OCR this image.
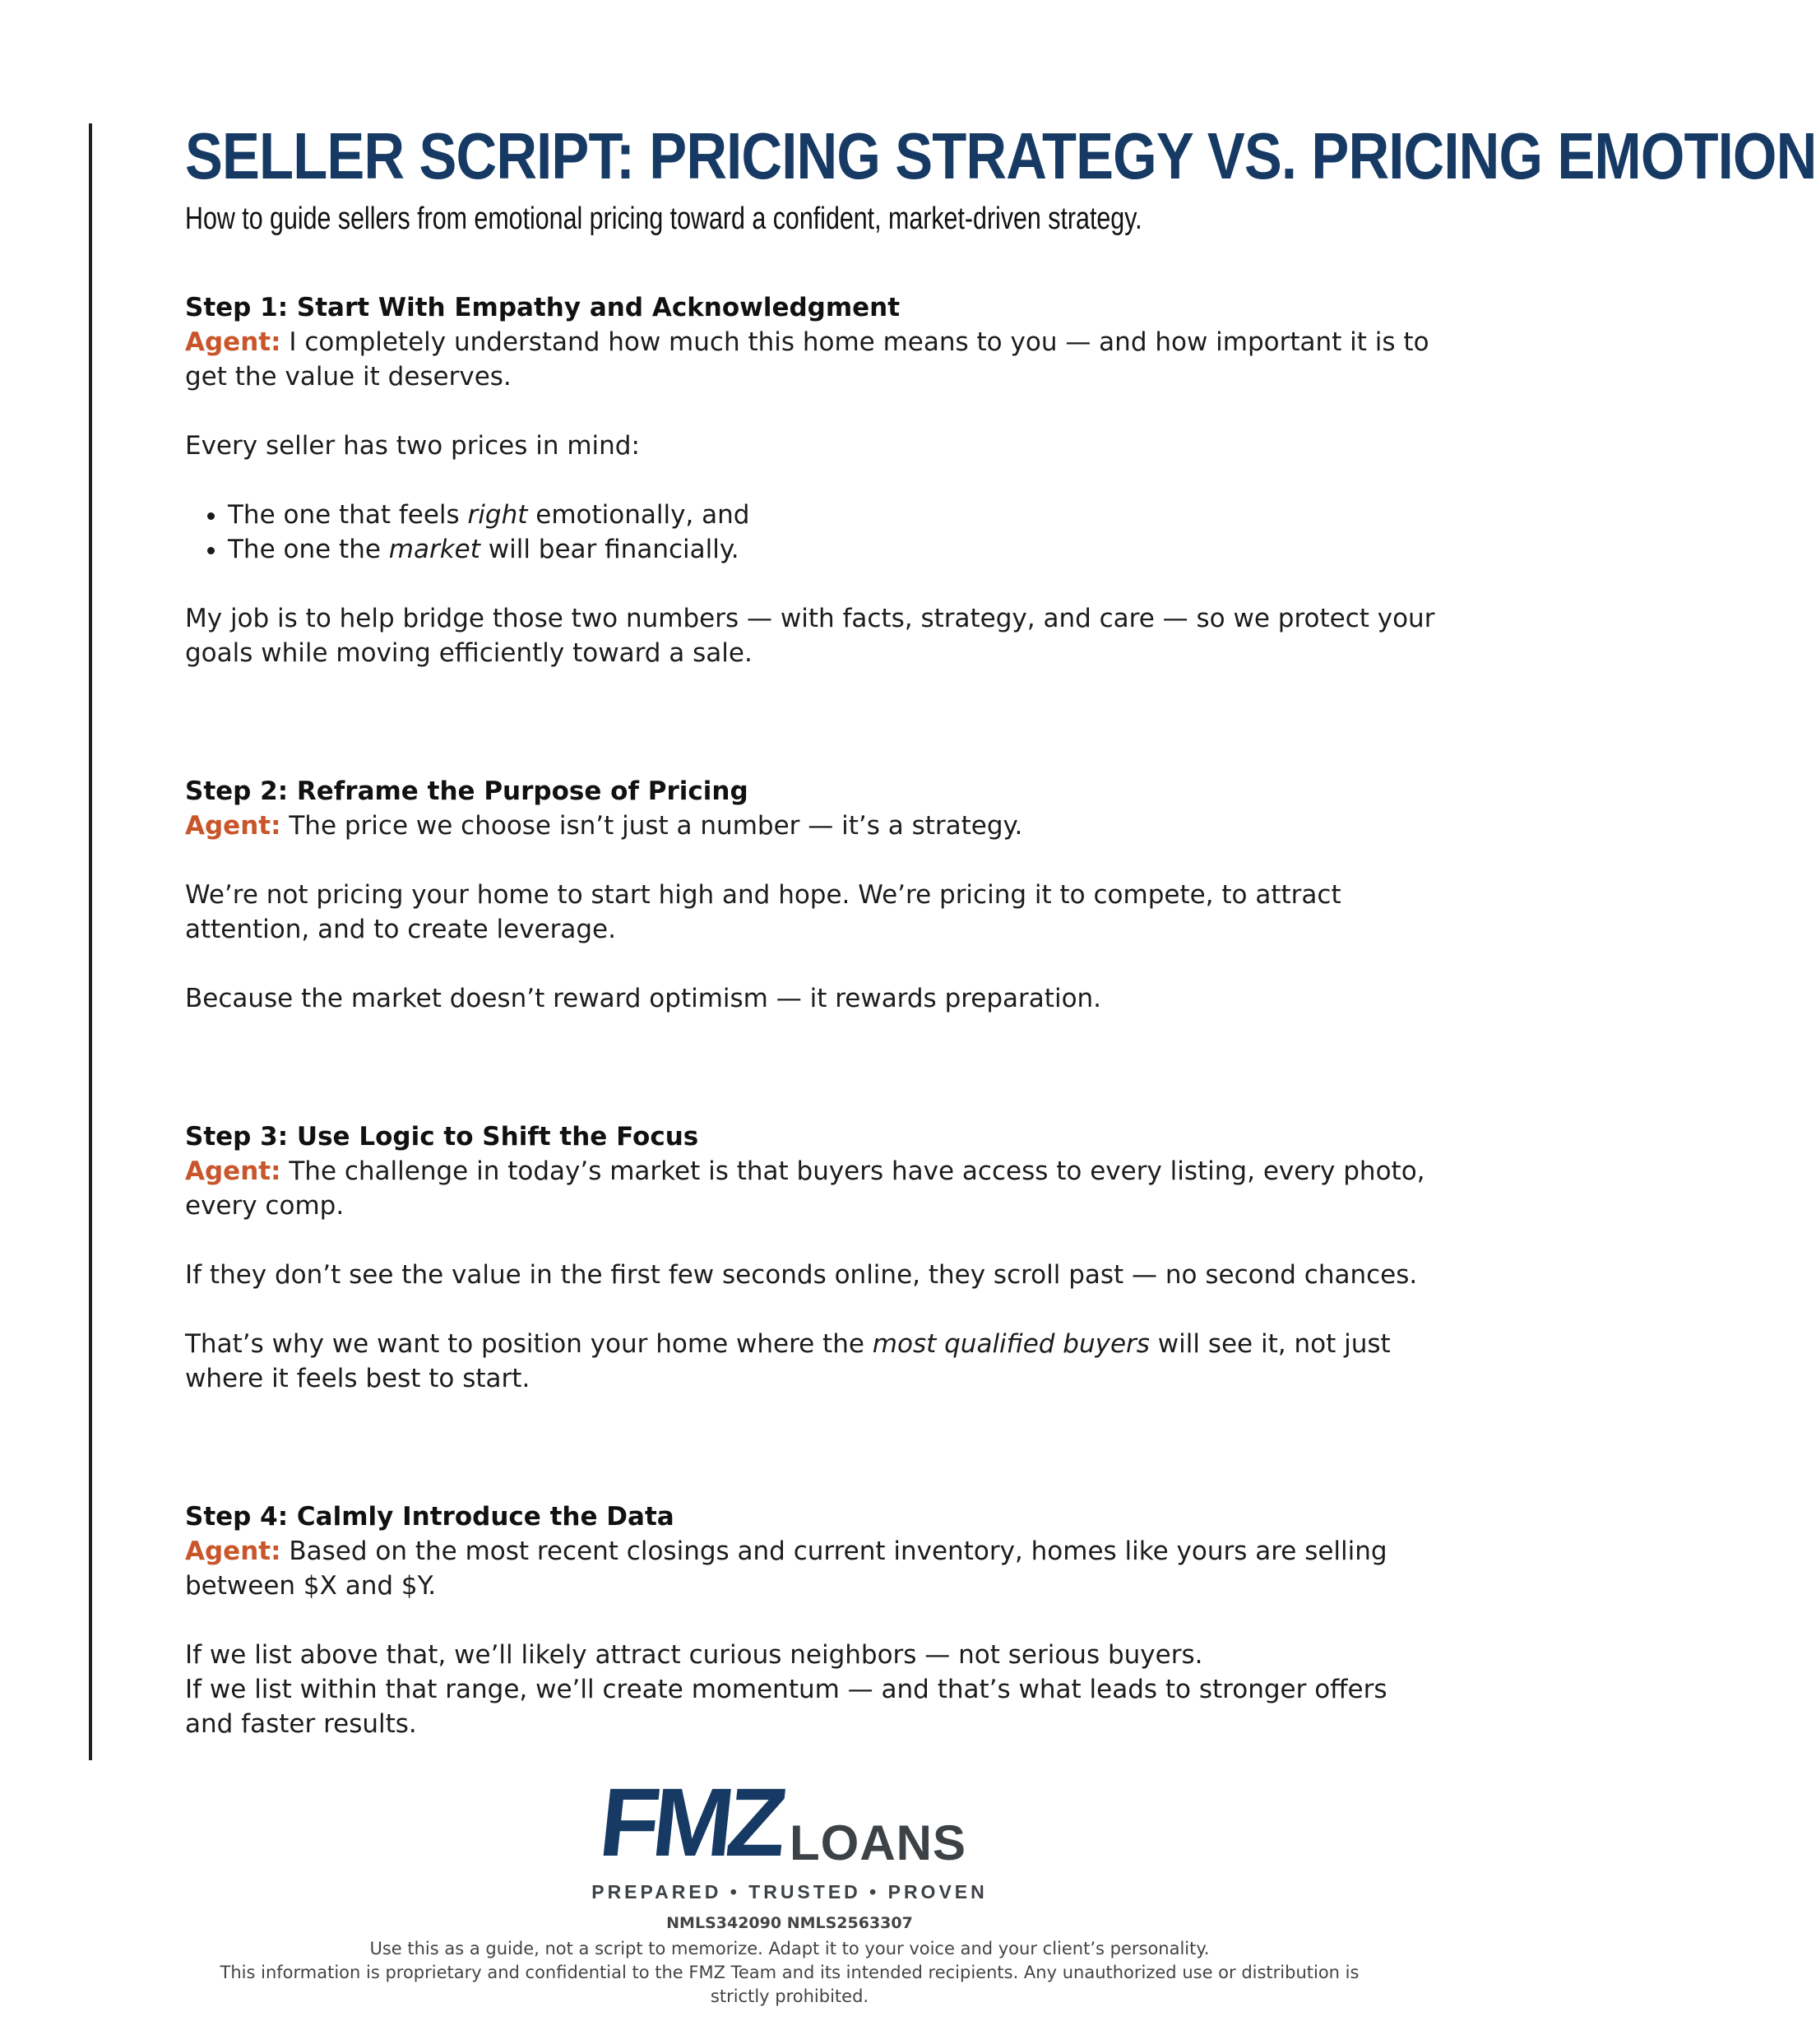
SELLER SCRIPT: PRICING STRATEGY VS. PRICING EMOTION

How to guide sellers from emotional pricing toward a confident, market-driven strategy.

Step 1: Start With Empathy and Acknowledgment

Agent: I completely understand how much this home means to you — and how important it is to get the value it deserves.

Every seller has two prices in mind:

• The one that feels right emotionally, and
• The one the market will bear financially.

My job is to help bridge those two numbers — with facts, strategy, and care — so we protect your goals while moving efficiently toward a sale.

Step 2: Reframe the Purpose of Pricing

Agent: The price we choose isn’t just a number — it’s a strategy.

We’re not pricing your home to start high and hope. We’re pricing it to compete, to attract attention, and to create leverage.

Because the market doesn’t reward optimism — it rewards preparation.

Step 3: Use Logic to Shift the Focus

Agent: The challenge in today’s market is that buyers have access to every listing, every photo, every comp.

If they don’t see the value in the first few seconds online, they scroll past — no second chances.

That’s why we want to position your home where the most qualified buyers will see it, not just where it feels best to start.

Step 4: Calmly Introduce the Data

Agent: Based on the most recent closings and current inventory, homes like yours are selling between $X and $Y.

If we list above that, we’ll likely attract curious neighbors — not serious buyers.

If we list within that range, we’ll create momentum — and that’s what leads to stronger offers and faster results.

FMZ LOANS

PREPARED • TRUSTED • PROVEN

NMLS342090 NMLS2563307

Use this as a guide, not a script to memorize. Adapt it to your voice and your client’s personality.
This information is proprietary and confidential to the FMZ Team and its intended recipients. Any unauthorized use or distribution is strictly prohibited.
